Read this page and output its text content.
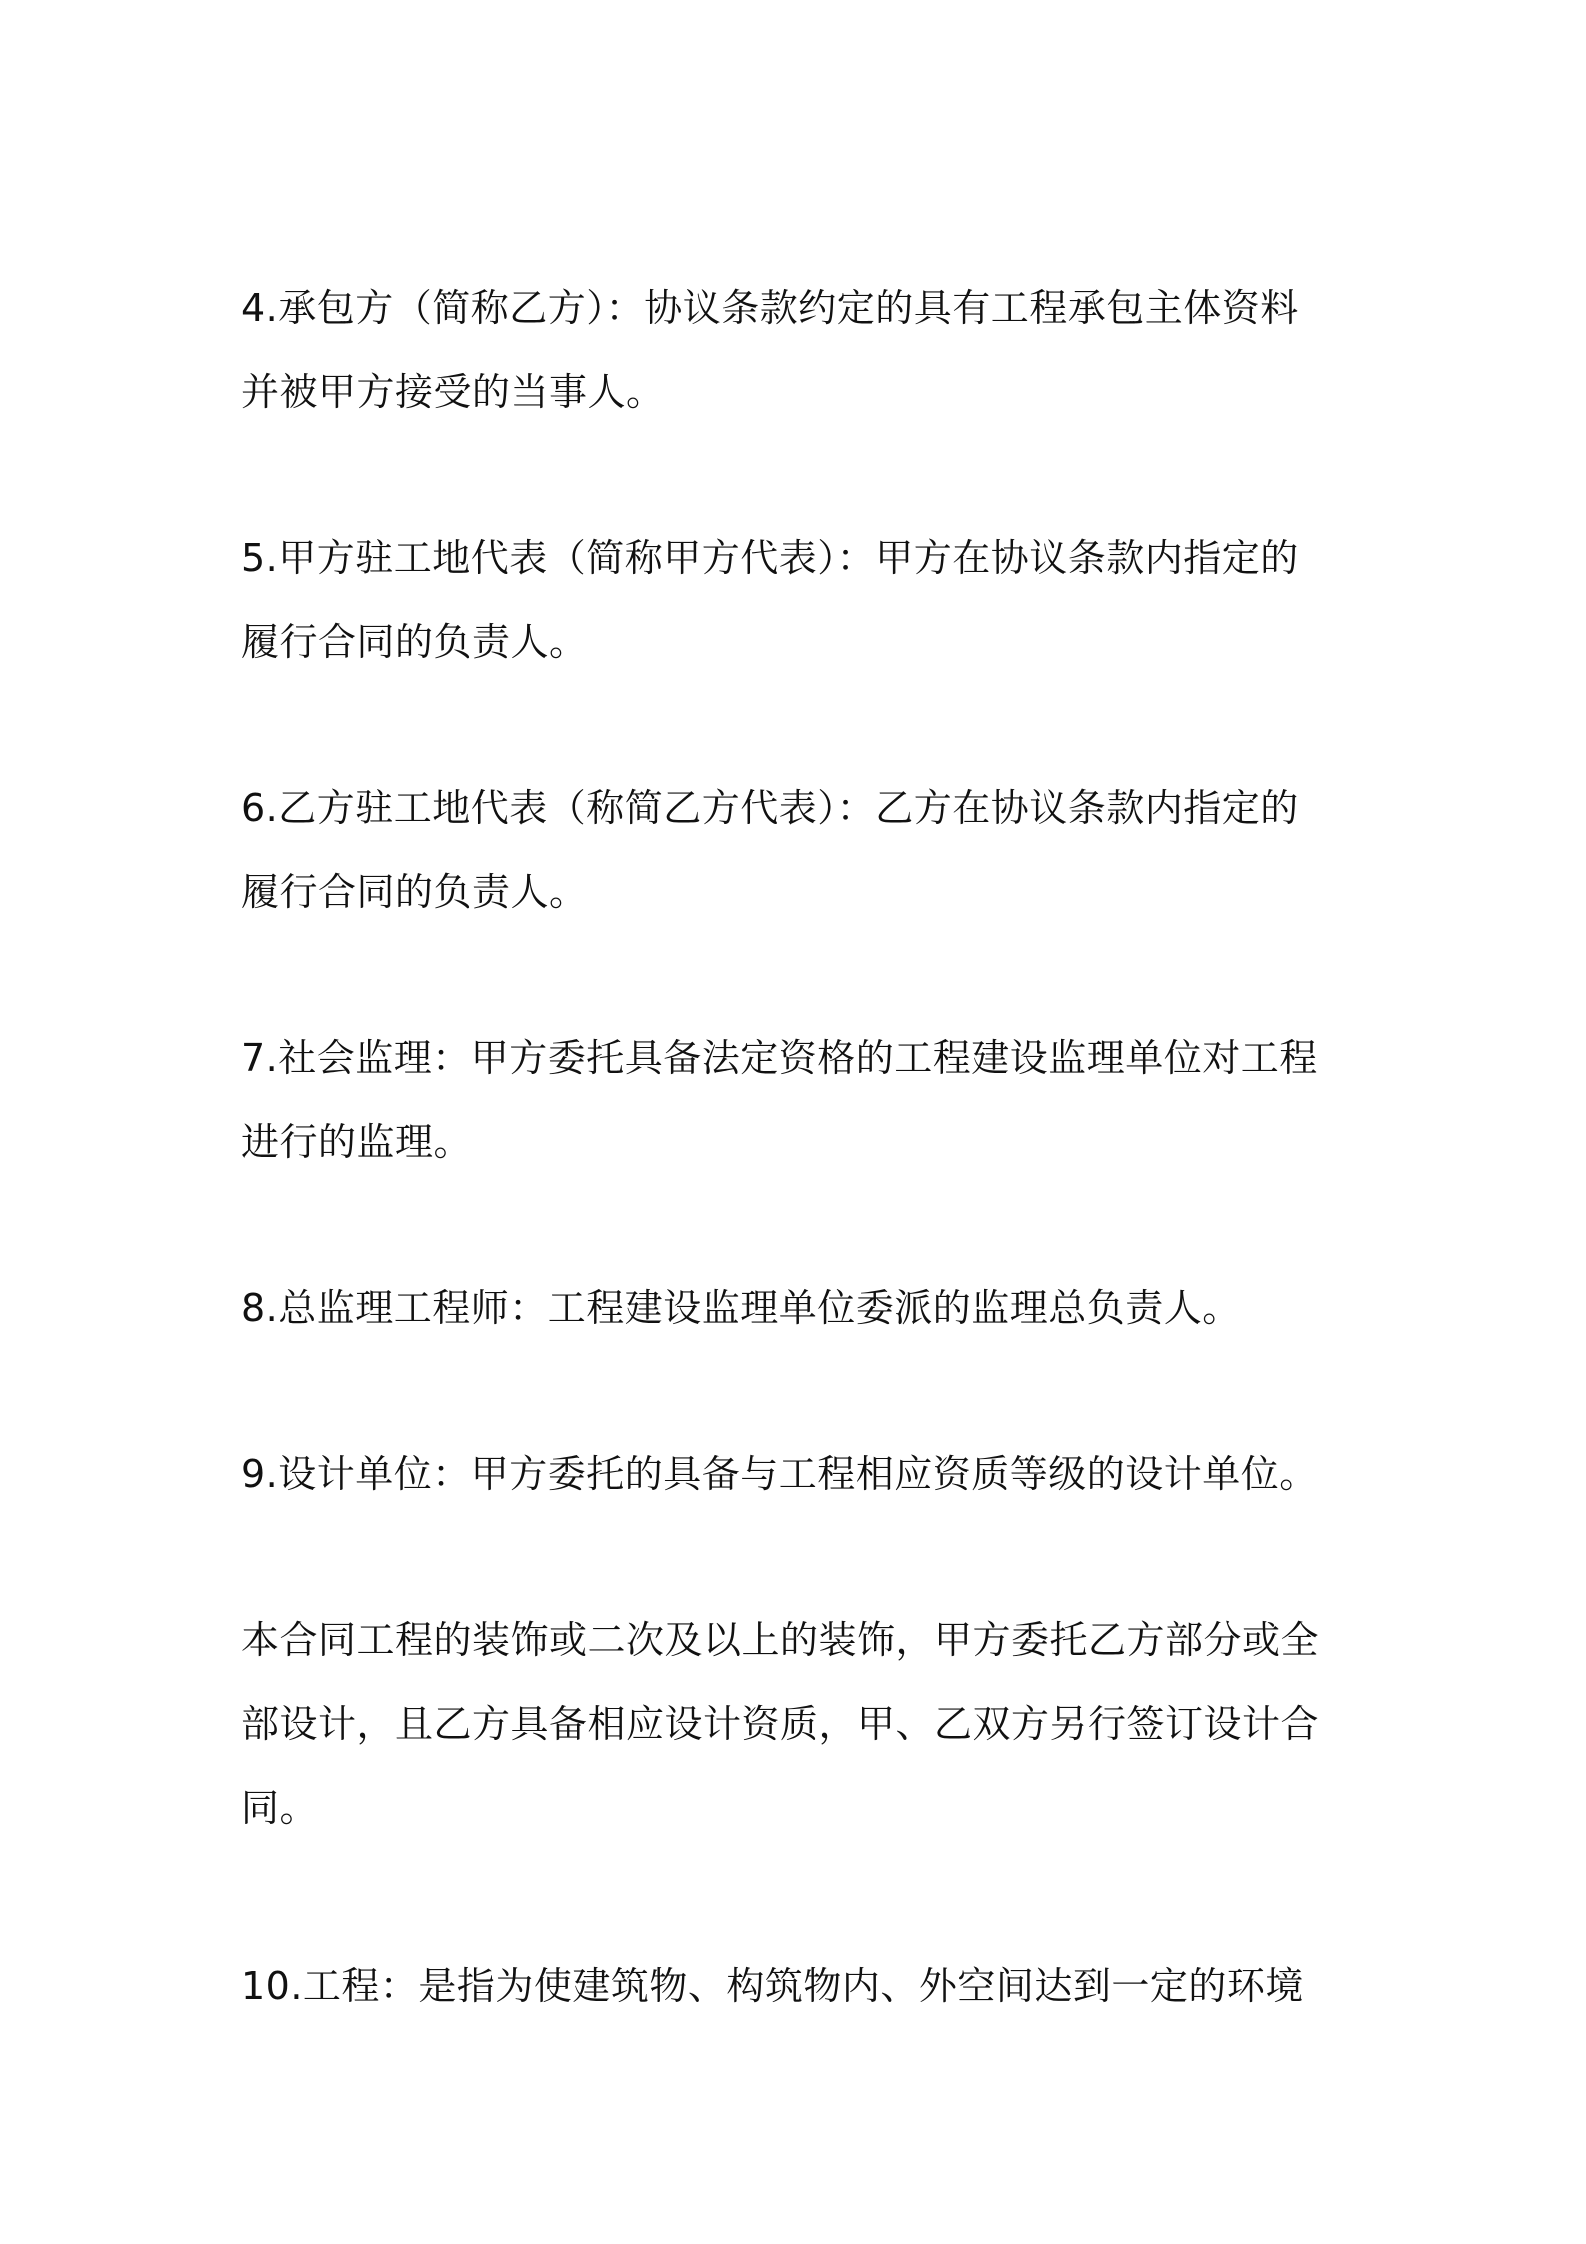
4.承包方（简称乙方）：协议条款约定的具有工程承包主体资料
并被甲方接受的当事人。

5.甲方驻工地代表（简称甲方代表）：甲方在协议条款内指定的
履行合同的负责人。

6.乙方驻工地代表（称简乙方代表）：乙方在协议条款内指定的
履行合同的负责人。

7.社会监理：甲方委托具备法定资格的工程建设监理单位对工程
进行的监理。

8.总监理工程师：工程建设监理单位委派的监理总负责人。

9.设计单位：甲方委托的具备与工程相应资质等级的设计单位。

本合同工程的装饰或二次及以上的装饰，甲方委托乙方部分或全
部设计，且乙方具备相应设计资质，甲、乙双方另行签订设计合
同。

10.工程：是指为使建筑物、构筑物内、外空间达到一定的环境
